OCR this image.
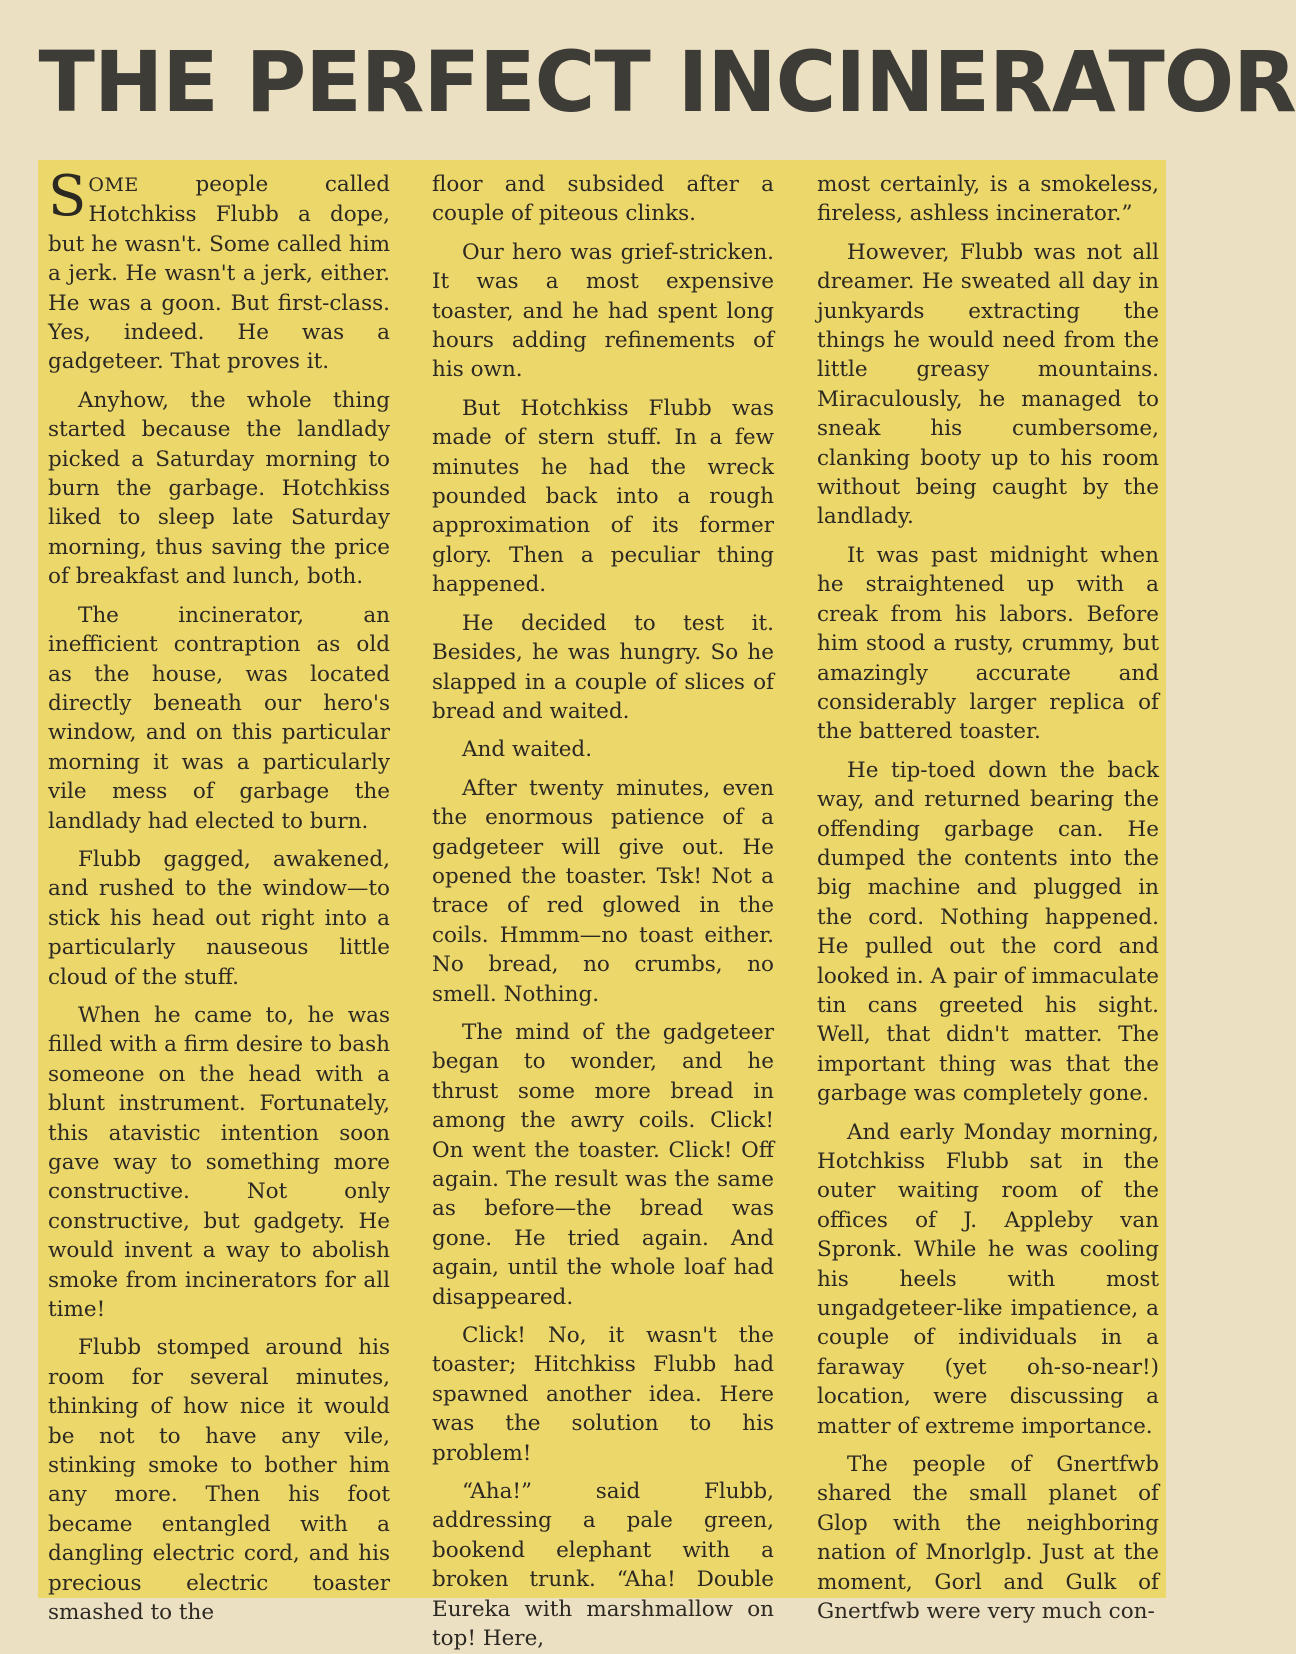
THE PERFECT INCINERATOR

SOME	people called Hotchkiss Flubb a dope, but he wasn't. Some called him a jerk. He wasn't a jerk, either. He was a goon. But first-class. Yes, indeed. He was a gadgeteer. That proves it.

Anyhow, the whole thing started because the landlady picked a Saturday morning to burn the garbage. Hotchkiss liked to sleep late Saturday morning, thus saving the price of breakfast and lunch, both.

The incinerator, an inefficient contraption as old as the house, was located directly beneath our hero's window, and on this particular morning it was a particularly vile mess of garbage the landlady had elected to burn.

Flubb gagged, awakened, and rushed to the window—to stick his head out right into a particularly nauseous little cloud of the stuff.

When he came to, he was filled with a firm desire to bash someone on the head with a blunt instrument. Fortunately, this atavistic intention soon gave way to something more constructive. Not only constructive, but gadgety. He would invent a way to abolish smoke from incinerators for all time!

Flubb stomped around his room for several minutes, thinking of how nice it would be not to have any vile, stinking smoke to bother him any more. Then his foot became entangled with a dangling electric cord, and his precious electric toaster smashed to the

floor and subsided after a couple of piteous clinks.

Our hero was grief-stricken. It was a most expensive toaster, and he had spent long hours adding refinements of his own.

But Hotchkiss Flubb was made of stern stuff. In a few minutes he had the wreck pounded back into a rough approximation of its former glory. Then a peculiar thing happened.

He decided to test it. Besides, he was hungry. So he slapped in a couple of slices of bread and waited.

And waited.

After twenty minutes, even the enormous patience of a gadgeteer will give out. He opened the toaster. Tsk! Not a trace of red glowed in the coils. Hmmm—no toast either. No bread, no crumbs, no smell. Nothing.

The mind of the gadgeteer began to wonder, and he thrust some more bread in among the awry coils. Click! On went the toaster. Click! Off again. The result was the same as before—the bread was gone. He tried again. And again, until the whole loaf had disappeared.

Click! No, it wasn't the toaster; Hitchkiss Flubb had spawned another idea. Here was the solution to his problem!

“Aha!” said Flubb, addressing a pale green, bookend elephant with a broken trunk. “Aha! Double Eureka with marshmallow on top! Here,

most certainly, is a smokeless, fireless, ashless incinerator.”

However, Flubb was not all dreamer. He sweated all day in junkyards extracting the things he would need from the little greasy mountains. Miraculously, he managed to sneak his cumbersome, clanking booty up to his room without being caught by the landlady.

It was past midnight when he straightened up with a creak from his labors. Before him stood a rusty, crummy, but amazingly accurate and considerably larger replica of the battered toaster.

He tip-toed down the back way, and returned bearing the offending garbage can. He dumped the contents into the big machine and plugged in the cord. Nothing happened. He pulled out the cord and looked in. A pair of immaculate tin cans greeted his sight. Well, that didn't matter. The important thing was that the garbage was completely gone.

And early Monday morning, Hotchkiss Flubb sat in the outer waiting room of the offices of J. Appleby van Spronk. While he was cooling his heels with most ungadgeteer-like impatience, a couple of individuals in a faraway (yet oh-so-near!) location, were discussing a matter of extreme importance.

The people of Gnertfwb shared the small planet of Glop with the neighboring nation of Mnorlglp. Just at the moment, Gorl and Gulk of Gnertfwb were very much con-
